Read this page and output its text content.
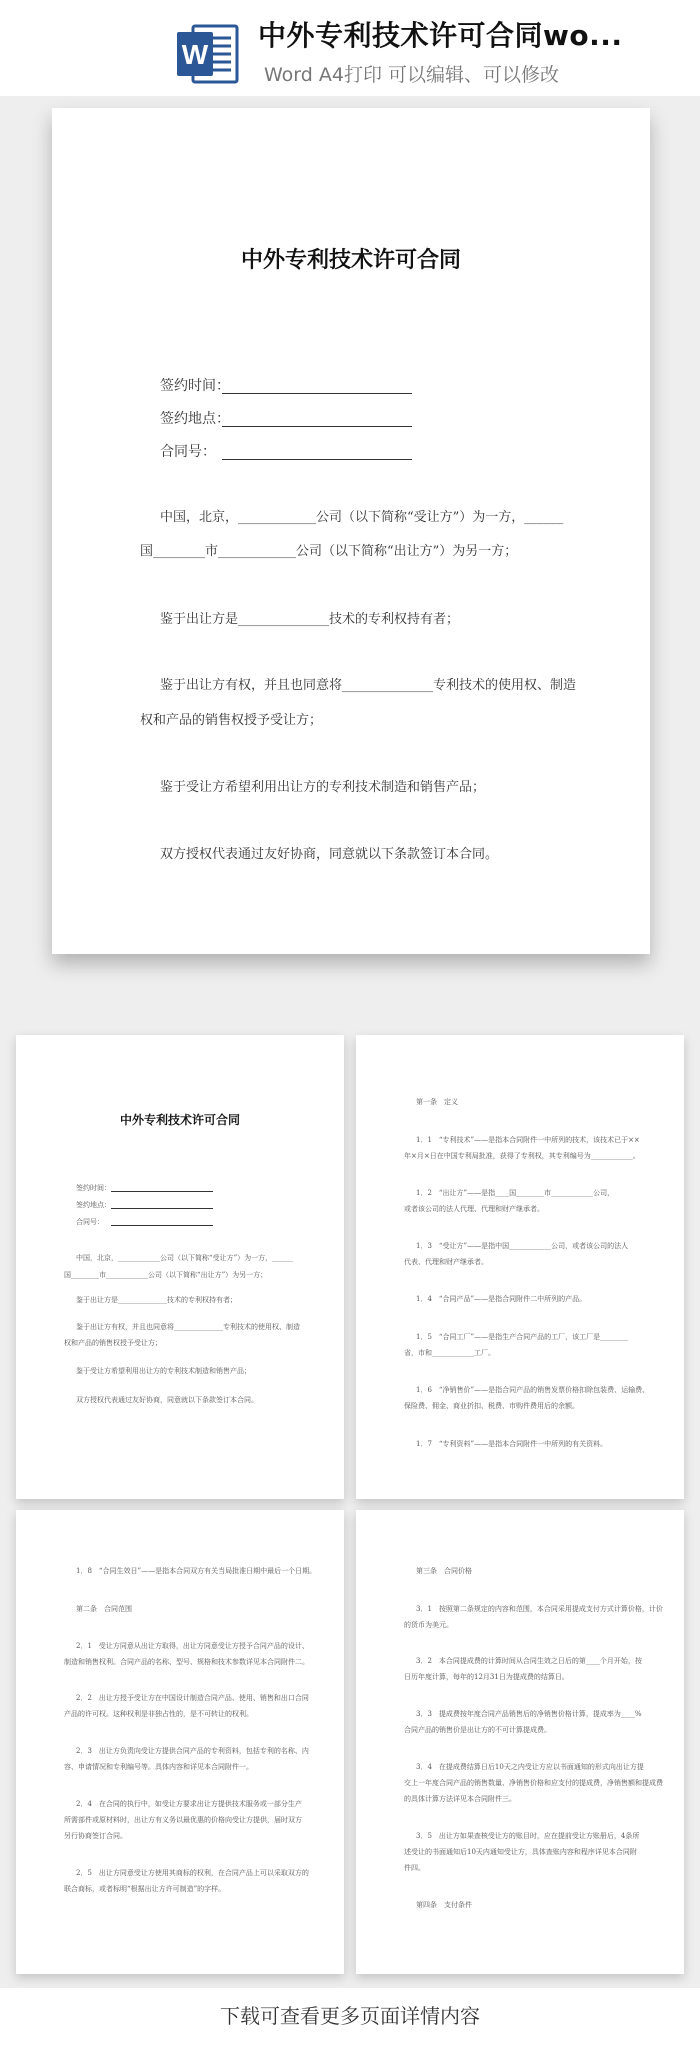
W
中外专利技术许可合同wo...
Word A4打印 可以编辑、可以修改
中外专利技术许可合同
签约时间：
签约地点：
合同号：
中国，北京，____________公司（以下简称“受让方”）为一方，______
国________市____________公司（以下简称“出让方”）为另一方；
鉴于出让方是______________技术的专利权持有者；
鉴于出让方有权，并且也同意将______________专利技术的使用权、制造
权和产品的销售权授予受让方；
鉴于受让方希望利用出让方的专利技术制造和销售产品；
双方授权代表通过友好协商，同意就以下条款签订本合同。
中外专利技术许可合同
签约时间：
签约地点：
合同号：
中国，北京，____________公司（以下简称“受让方”）为一方，______
国________市____________公司（以下简称“出让方”）为另一方；
鉴于出让方是______________技术的专利权持有者；
鉴于出让方有权，并且也同意将______________专利技术的使用权、制造
权和产品的销售权授予受让方；
鉴于受让方希望利用出让方的专利技术制造和销售产品；
双方授权代表通过友好协商，同意就以下条款签订本合同。
第一条　定义
1．1　“专利技术”——是指本合同附件一中所列的技术，该技术已于××
年×月×日在中国专利局批准，获得了专利权，其专利编号为____________。
1．2　“出让方”——是指____国________市____________公司，
或者该公司的法人代理、代理和财产继承者。
1．3　“受让方”——是指中国____________公司，或者该公司的法人
代表、代理和财产继承者。
1．4　“合同产品”——是指合同附件二中所列的产品。
1．5　“合同工厂”——是指生产合同产品的工厂，该工厂是________
省，市和____________工厂。
1．6　“净销售价”——是指合同产品的销售发票价格扣除包装费、运输费、
保险费、佣金、商业折扣、税费、市购件费用后的余额。
1．7　“专利资料”——是指本合同附件一中所列的有关资料。
1．8　“合同生效日”——是指本合同双方有关当局批准日期中最后一个日期。
第二条　合同范围
2．1　受让方同意从出让方取得，出让方同意受让方授予合同产品的设计、
制造和销售权利。合同产品的名称、型号、规格和技术参数详见本合同附件二。
2．2　出让方授予受让方在中国设计制造合同产品、使用、销售和出口合同
产品的许可权。这种权利是非独占性的，是不可转让的权利。
2．3　出让方负责向受让方提供合同产品的专利资料，包括专利的名称、内
容、申请情况和专利编号等。具体内容和详见本合同附件一。
2．4　在合同的执行中，如受让方要求出让方提供技术服务或一部分生产
所需部件或原材料时，出让方有义务以最优惠的价格向受让方提供，届时双方
另行协商签订合同。
2．5　出让方同意受让方使用其商标的权利，在合同产品上可以采取双方的
联合商标，或者标明“根据出让方许可制造”的字样。
第三条　合同价格
3．1　按照第二条规定的内容和范围，本合同采用提成支付方式计算价格，计价
的货币为美元。
3．2　本合同提成费的计算时间从合同生效之日后的第____个月开始，按
日历年度计算，每年的12月31日为提成费的结算日。
3．3　提成费按年度合同产品销售后的净销售价格计算，提成率为____%
合同产品的销售价是出让方的不可计算提成费。
3．4　在提成费结算日后10天之内受让方应以书面通知的形式向出让方提
交上一年度合同产品的销售数量、净销售价格和应支付的提成费，净销售额和提成费
的具体计算方法详见本合同附件三。
3．5　出让方如果查核受让方的账目时，应在提前受让方账册后，4条所
述受让的书面通知后10天内通知受让方，具体查账内容和程序详见本合同附
件四。
第四条　支付条件
下载可查看更多页面详情内容
